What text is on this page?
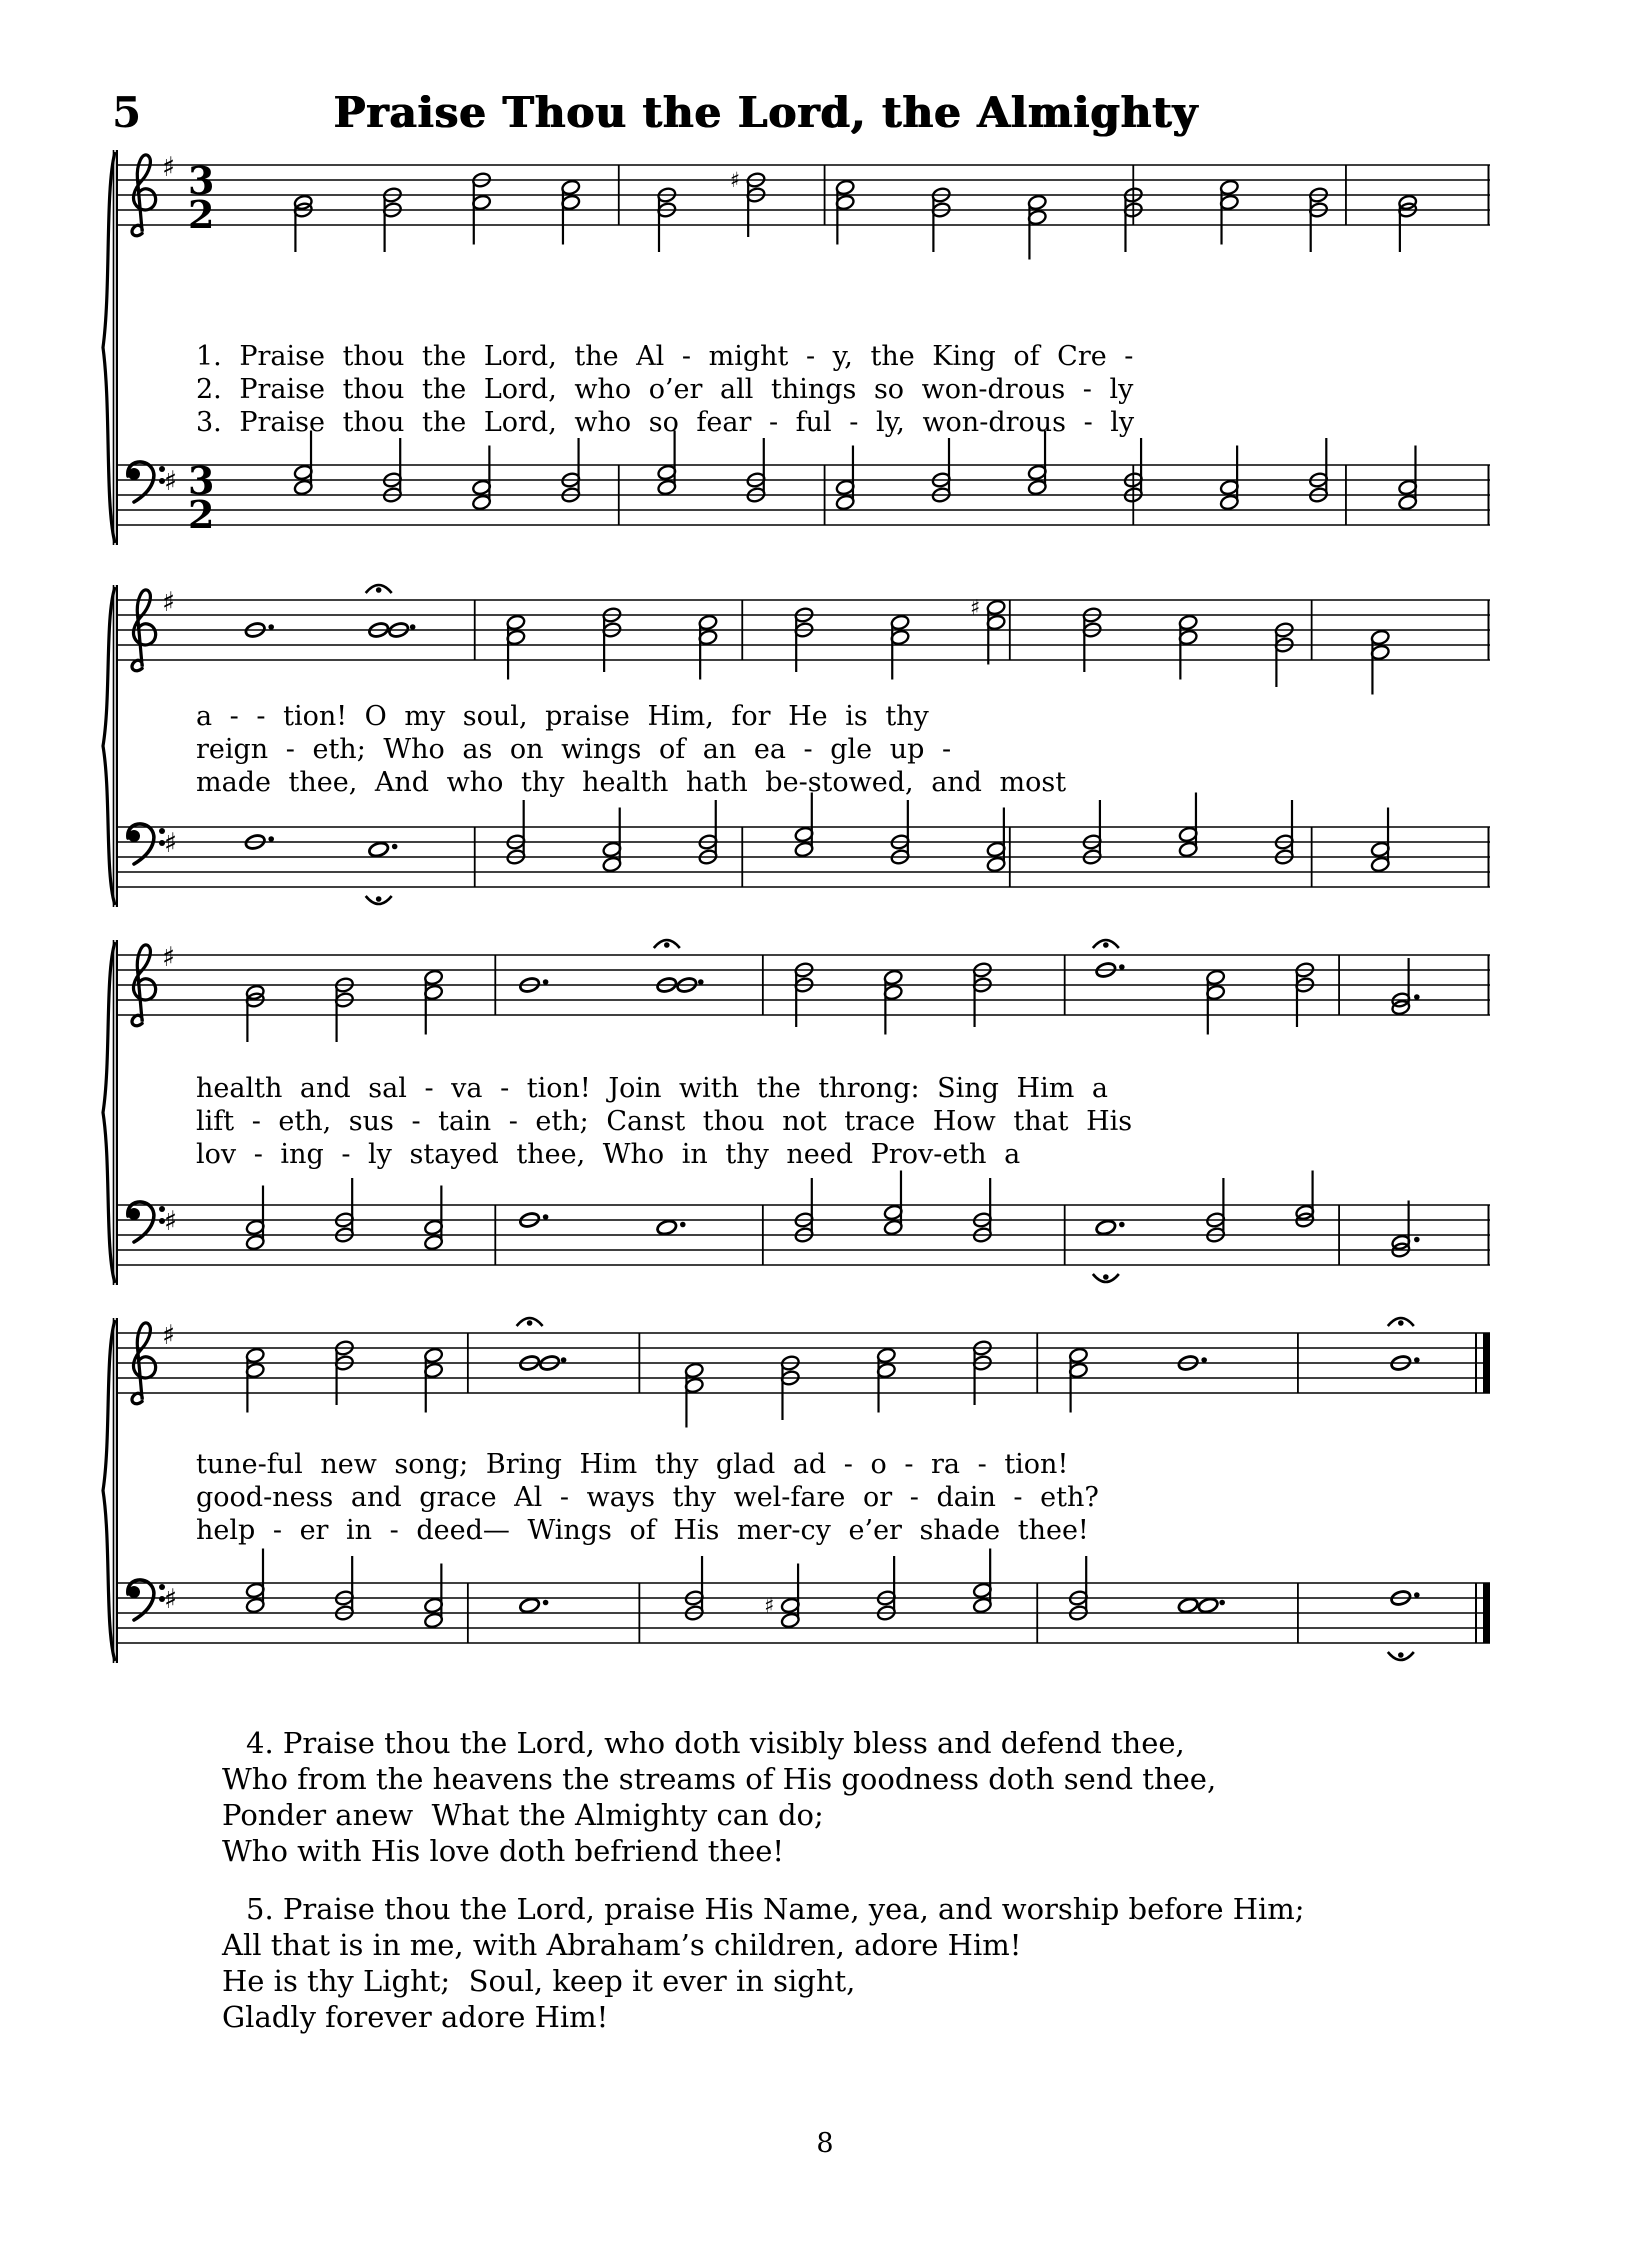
5	Praise Thou the Lord, the Almighty
♯ 3
2
♯
1. Praise thou the Lord, the Al - might - y, the King of Cre -
2. Praise thou the Lord, who o’er all things so won-drous - ly
3. Praise thou the Lord, who so fear - ful - ly, won-drous - ly
♯ 3
2
♯	♯
a - - tion! O my soul, praise Him, for He is thy
reign - eth; Who as on wings of an ea - gle up -
made thee, And who thy health hath be-stowed, and most
♯
♯
health and sal - va - tion! Join with the throng: Sing Him a
lift - eth, sus - tain - eth; Canst thou not trace How that His
lov - ing - ly stayed thee, Who in thy need Prov-eth a
♯
♯
tune-ful new song; Bring Him thy glad ad - o - ra - tion!
good-ness and grace Al - ways thy wel-fare or - dain - eth?
help - er in - deed— Wings of His mer-cy e’er shade thee!
♯	♯
4. Praise thou the Lord, who doth visibly bless and defend thee,
Who from the heavens the streams of His goodness doth send thee,
Ponder anew  What the Almighty can do;
Who with His love doth befriend thee!
5. Praise thou the Lord, praise His Name, yea, and worship before Him;
All that is in me, with Abraham’s children, adore Him!
He is thy Light;  Soul, keep it ever in sight,
Gladly forever adore Him!
8
